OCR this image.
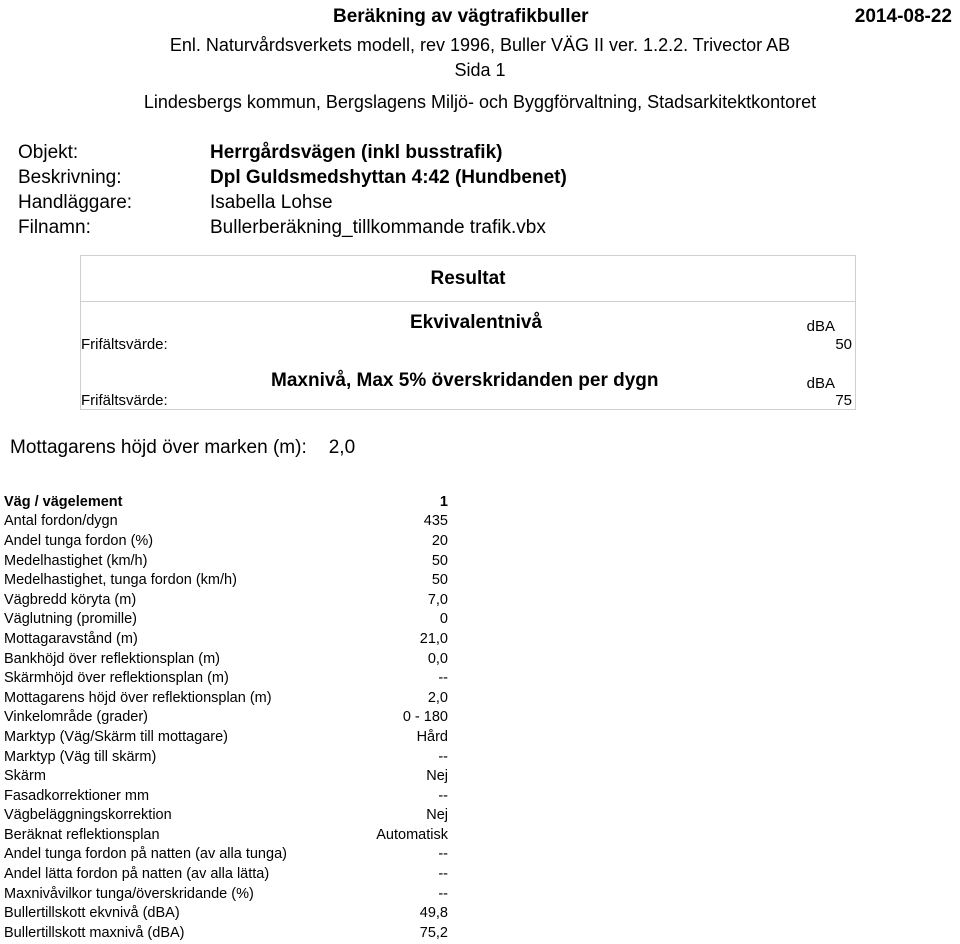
Beräkning av vägtrafikbuller	2014-08-22
Enl. Naturvårdsverkets modell, rev 1996, Buller VÄG II ver. 1.2.2. Trivector AB
Sida 1
Lindesbergs kommun, Bergslagens Miljö- och Byggförvaltning, Stadsarkitektkontoret
Objekt:	Herrgårdsvägen (inkl busstrafik)
Beskrivning:	Dpl Guldsmedshyttan 4:42 (Hundbenet)
Handläggare:	Isabella Lohse
Filnamn:	Bullerberäkning_tillkommande trafik.vbx
Resultat
Ekvivalentnivå	dBA
Frifältsvärde:	50
Maxnivå, Max 5% överskridanden per dygn	dBA
Frifältsvärde:	75
Mottagarens höjd över marken (m): 2,0
Väg / vägelement	1
Antal fordon/dygn	435
Andel tunga fordon (%)	20
Medelhastighet (km/h)	50
Medelhastighet, tunga fordon (km/h)	50
Vägbredd köryta (m)	7,0
Väglutning (promille)	0
Mottagaravstånd (m)	21,0
Bankhöjd över reflektionsplan (m)	0,0
Skärmhöjd över reflektionsplan (m)	--
Mottagarens höjd över reflektionsplan (m)	2,0
Vinkelområde (grader)	0 - 180
Marktyp (Väg/Skärm till mottagare)	Hård
Marktyp (Väg till skärm)	--
Skärm	Nej
Fasadkorrektioner mm	--
Vägbeläggningskorrektion	Nej
Beräknat reflektionsplan	Automatisk
Andel tunga fordon på natten (av alla tunga)	--
Andel lätta fordon på natten (av alla lätta)	--
Maxnivåvilkor tunga/överskridande (%)	--
Bullertillskott ekvnivå (dBA)	49,8
Bullertillskott maxnivå (dBA)	75,2
